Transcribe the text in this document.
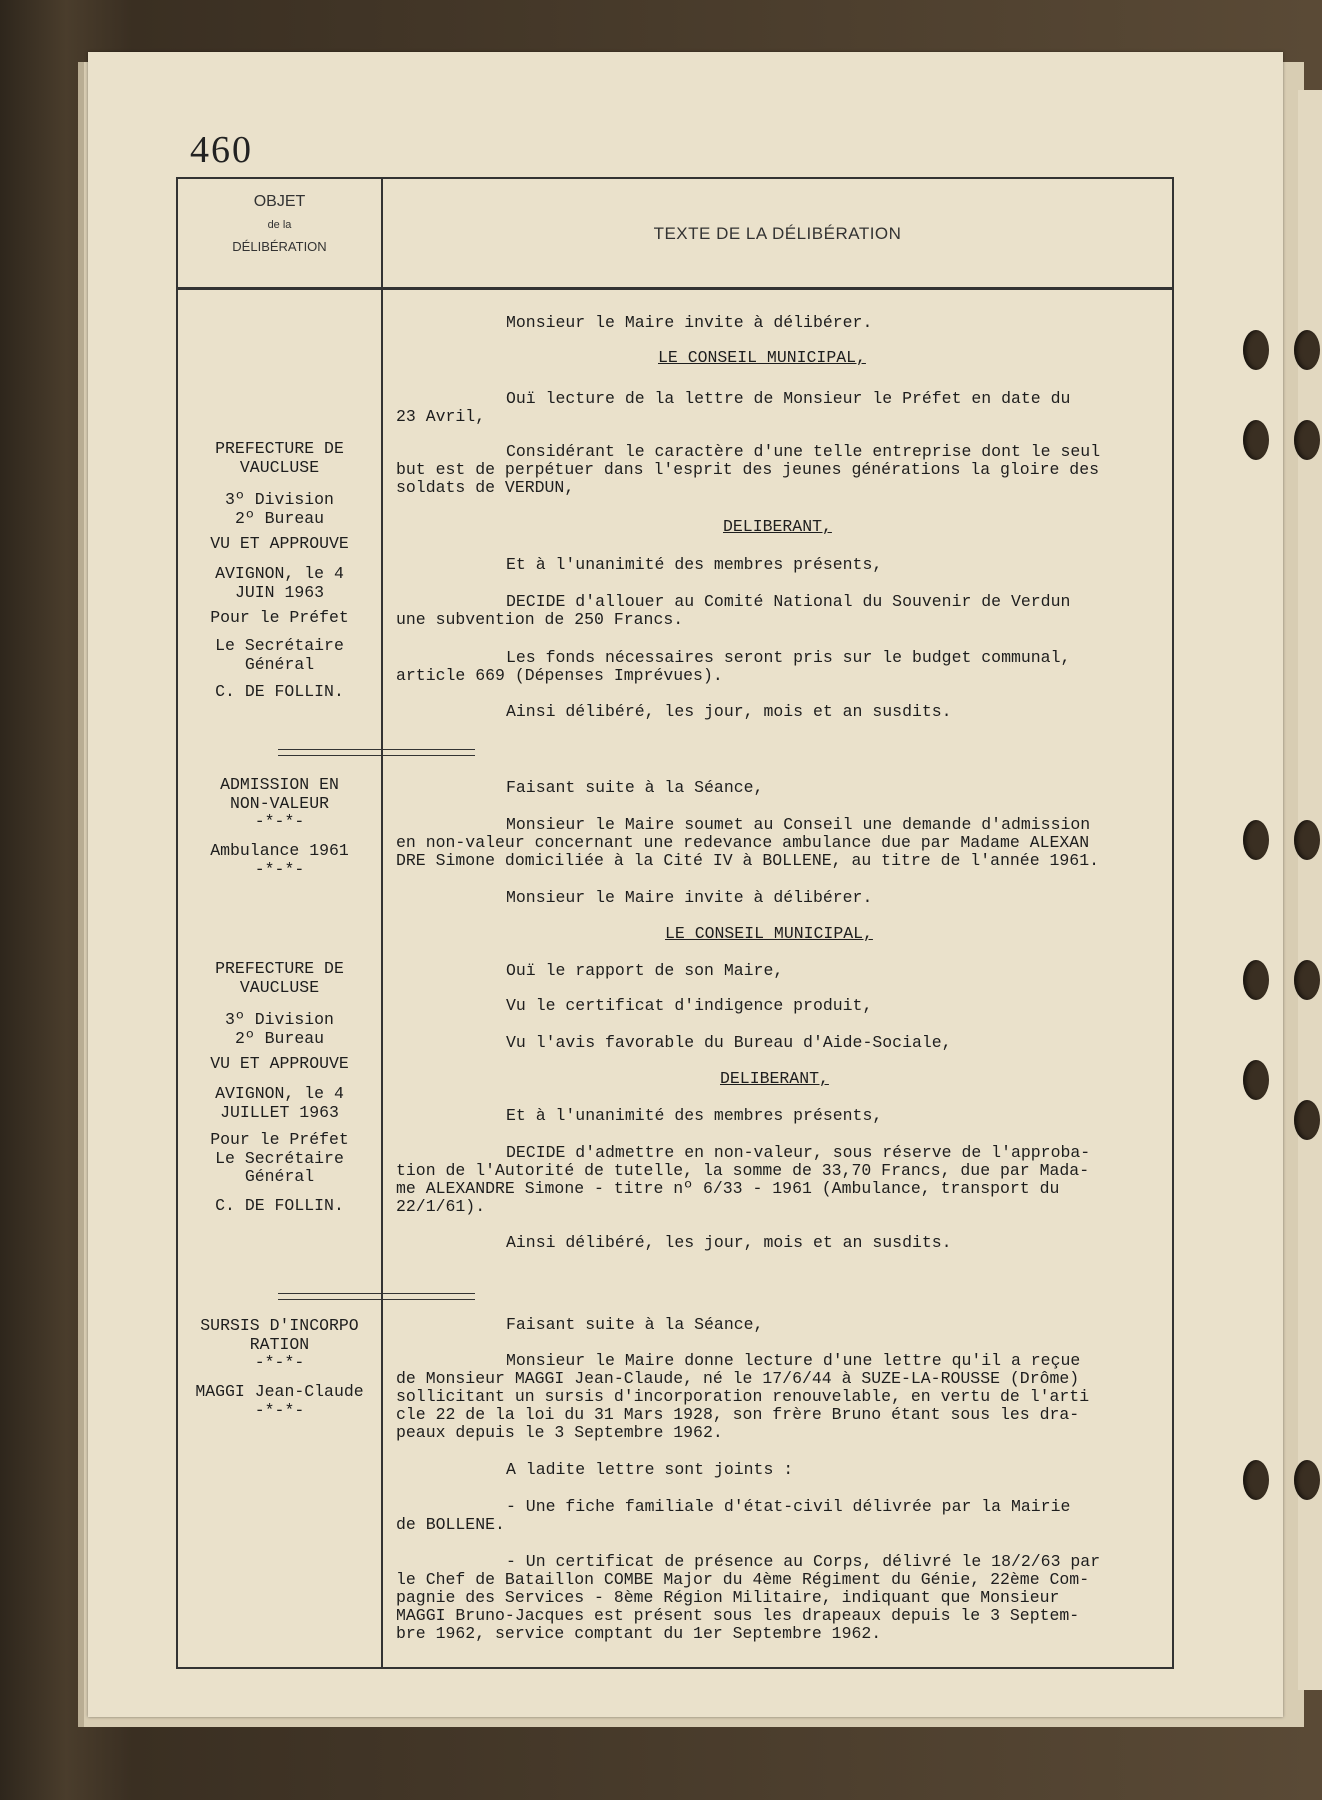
460
OBJET
de la
DÉLIBÉRATION
TEXTE DE LA DÉLIBÉRATION
PREFECTURE DE
VAUCLUSE
3º Division
2º Bureau
VU ET APPROUVE
AVIGNON, le 4
JUIN 1963
Pour le Préfet
Le Secrétaire
Général
C. DE FOLLIN.
ADMISSION EN
NON-VALEUR
-*-*-
Ambulance 1961
-*-*-
PREFECTURE DE
VAUCLUSE
3º Division
2º Bureau
VU ET APPROUVE
AVIGNON, le 4
JUILLET 1963
Pour le Préfet
Le Secrétaire
Général
C. DE FOLLIN.
SURSIS D'INCORPO
RATION
-*-*-
MAGGI Jean-Claude
-*-*-
Monsieur le Maire invite à délibérer.
LE CONSEIL MUNICIPAL,
Ouï lecture de la lettre de Monsieur le Préfet en date du
23 Avril,
Considérant le caractère d'une telle entreprise dont le seul
but est de perpétuer dans l'esprit des jeunes générations la gloire des
soldats de VERDUN,
DELIBERANT,
Et à l'unanimité des membres présents,
DECIDE d'allouer au Comité National du Souvenir de Verdun
une subvention de 250 Francs.
Les fonds nécessaires seront pris sur le budget communal,
article 669 (Dépenses Imprévues).
Ainsi délibéré, les jour, mois et an susdits.
Faisant suite à la Séance,
Monsieur le Maire soumet au Conseil une demande d'admission
en non-valeur concernant une redevance ambulance due par Madame ALEXAN
DRE Simone domiciliée à la Cité IV à BOLLENE, au titre de l'année 1961.
Monsieur le Maire invite à délibérer.
LE CONSEIL MUNICIPAL,
Ouï le rapport de son Maire,
Vu le certificat d'indigence produit,
Vu l'avis favorable du Bureau d'Aide-Sociale,
DELIBERANT,
Et à l'unanimité des membres présents,
DECIDE d'admettre en non-valeur, sous réserve de l'approba-
tion de l'Autorité de tutelle, la somme de 33,70 Francs, due par Mada-
me ALEXANDRE Simone - titre nº 6/33 - 1961 (Ambulance, transport du
22/1/61).
Ainsi délibéré, les jour, mois et an susdits.
Faisant suite à la Séance,
Monsieur le Maire donne lecture d'une lettre qu'il a reçue
de Monsieur MAGGI Jean-Claude, né le 17/6/44 à SUZE-LA-ROUSSE (Drôme)
sollicitant un sursis d'incorporation renouvelable, en vertu de l'arti
cle 22 de la loi du 31 Mars 1928, son frère Bruno étant sous les dra-
peaux depuis le 3 Septembre 1962.
A ladite lettre sont joints :
- Une fiche familiale d'état-civil délivrée par la Mairie
de BOLLENE.
- Un certificat de présence au Corps, délivré le 18/2/63 par
le Chef de Bataillon COMBE Major du 4ème Régiment du Génie, 22ème Com-
pagnie des Services - 8ème Région Militaire, indiquant que Monsieur
MAGGI Bruno-Jacques est présent sous les drapeaux depuis le 3 Septem-
bre 1962, service comptant du 1er Septembre 1962.
